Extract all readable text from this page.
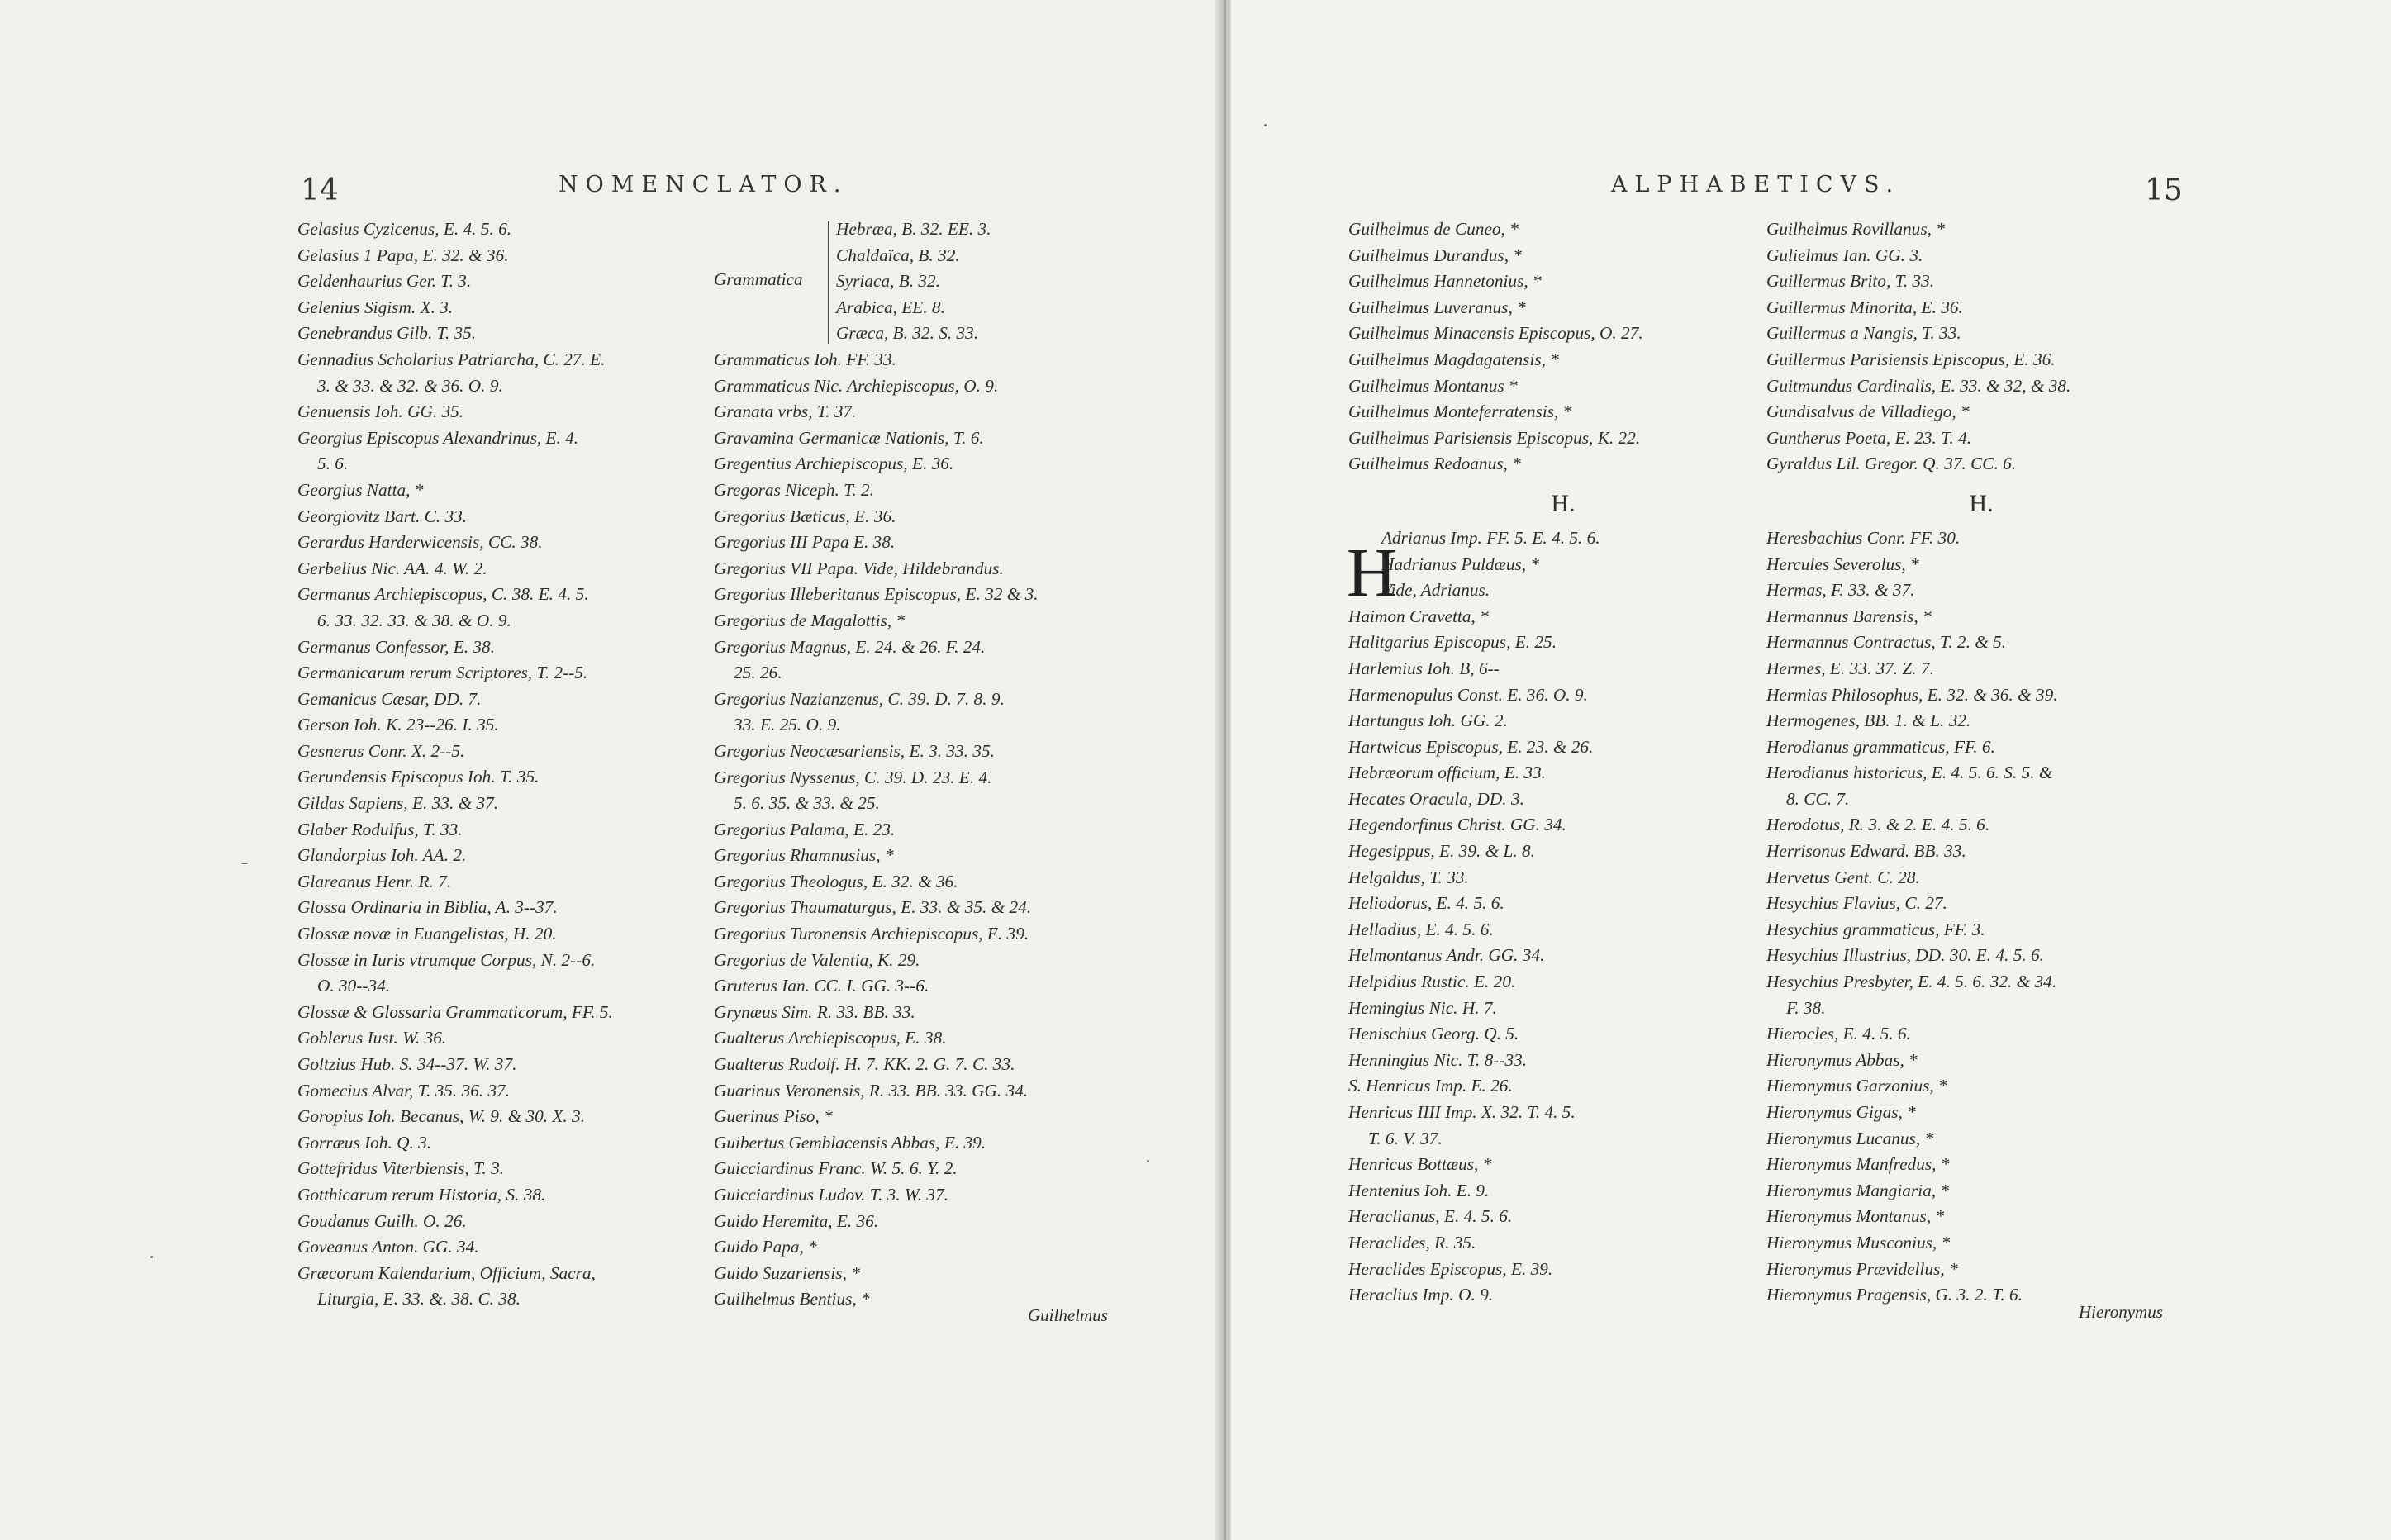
14	NOMENCLATOR.
Gelasius Cyzicenus, E. 4. 5. 6.
Gelasius 1 Papa, E. 32. & 36.
Geldenhaurius Ger. T. 3.
Gelenius Sigism. X. 3.
Genebrandus Gilb. T. 35.
Gennadius Scholarius Patriarcha, C. 27. E.
3. & 33. & 32. & 36. O. 9.
Genuensis Ioh. GG. 35.
Georgius Episcopus Alexandrinus, E. 4.
5. 6.
Georgius Natta, *
Georgiovitz Bart. C. 33.
Gerardus Harderwicensis, CC. 38.
Gerbelius Nic. AA. 4. W. 2.
Germanus Archiepiscopus, C. 38. E. 4. 5.
6. 33. 32. 33. & 38. & O. 9.
Germanus Confessor, E. 38.
Germanicarum rerum Scriptores, T. 2--5.
Gemanicus Cæsar, DD. 7.
Gerson Ioh. K. 23--26. I. 35.
Gesnerus Conr. X. 2--5.
Gerundensis Episcopus Ioh. T. 35.
Gildas Sapiens, E. 33. & 37.
Glaber Rodulfus, T. 33.
Glandorpius Ioh. AA. 2.
Glareanus Henr. R. 7.
Glossa Ordinaria in Biblia, A. 3--37.
Glossæ novæ in Euangelistas, H. 20.
Glossæ in Iuris vtrumque Corpus, N. 2--6.
O. 30--34.
Glossæ & Glossaria Grammaticorum, FF. 5.
Goblerus Iust. W. 36.
Goltzius Hub. S. 34--37. W. 37.
Gomecius Alvar, T. 35. 36. 37.
Goropius Ioh. Becanus, W. 9. & 30. X. 3.
Gorræus Ioh. Q. 3.
Gottefridus Viterbiensis, T. 3.
Gotthicarum rerum Historia, S. 38.
Goudanus Guilh. O. 26.
Goveanus Anton. GG. 34.
Græcorum Kalendarium, Officium, Sacra,
Liturgia, E. 33. &. 38. C. 38.
Grammatica
Hebræa, B. 32. EE. 3.
Chaldaïca, B. 32.
Syriaca, B. 32.
Arabica, EE. 8.
Græca, B. 32. S. 33.
Grammaticus Ioh. FF. 33.
Grammaticus Nic. Archiepiscopus, O. 9.
Granata vrbs, T. 37.
Gravamina Germanicæ Nationis, T. 6.
Gregentius Archiepiscopus, E. 36.
Gregoras Niceph. T. 2.
Gregorius Bæticus, E. 36.
Gregorius III Papa E. 38.
Gregorius VII Papa. Vide, Hildebrandus.
Gregorius Illeberitanus Episcopus, E. 32 & 3.
Gregorius de Magalottis, *
Gregorius Magnus, E. 24. & 26. F. 24.
25. 26.
Gregorius Nazianzenus, C. 39. D. 7. 8. 9.
33. E. 25. O. 9.
Gregorius Neocæsariensis, E. 3. 33. 35.
Gregorius Nyssenus, C. 39. D. 23. E. 4.
5. 6. 35. & 33. & 25.
Gregorius Palama, E. 23.
Gregorius Rhamnusius, *
Gregorius Theologus, E. 32. & 36.
Gregorius Thaumaturgus, E. 33. & 35. & 24.
Gregorius Turonensis Archiepiscopus, E. 39.
Gregorius de Valentia, K. 29.
Gruterus Ian. CC. I. GG. 3--6.
Grynæus Sim. R. 33. BB. 33.
Gualterus Archiepiscopus, E. 38.
Gualterus Rudolf. H. 7. KK. 2. G. 7. C. 33.
Guarinus Veronensis, R. 33. BB. 33. GG. 34.
Guerinus Piso, *
Guibertus Gemblacensis Abbas, E. 39.
Guicciardinus Franc. W. 5. 6. Y. 2.
Guicciardinus Ludov. T. 3. W. 37.
Guido Heremita, E. 36.
Guido Papa, *
Guido Suzariensis, *
Guilhelmus Bentius, *
Guilhelmus
ALPHABETICVS.	15
H
Hieronymus
Guilhelmus de Cuneo, *
Guilhelmus Durandus, *
Guilhelmus Hannetonius, *
Guilhelmus Luveranus, *
Guilhelmus Minacensis Episcopus, O. 27.
Guilhelmus Magdagatensis, *
Guilhelmus Montanus *
Guilhelmus Monteferratensis, *
Guilhelmus Parisiensis Episcopus, K. 22.
Guilhelmus Redoanus, *
H.
Adrianus Imp. FF. 5. E. 4. 5. 6.
Hadrianus Puldæus, *
Vide, Adrianus.
Haimon Cravetta, *
Halitgarius Episcopus, E. 25.
Harlemius Ioh. B, 6--
Harmenopulus Const. E. 36. O. 9.
Hartungus Ioh. GG. 2.
Hartwicus Episcopus, E. 23. & 26.
Hebræorum officium, E. 33.
Hecates Oracula, DD. 3.
Hegendorfinus Christ. GG. 34.
Hegesippus, E. 39. & L. 8.
Helgaldus, T. 33.
Heliodorus, E. 4. 5. 6.
Helladius, E. 4. 5. 6.
Helmontanus Andr. GG. 34.
Helpidius Rustic. E. 20.
Hemingius Nic. H. 7.
Henischius Georg. Q. 5.
Henningius Nic. T. 8--33.
S. Henricus Imp. E. 26.
Henricus IIII Imp. X. 32. T. 4. 5.
T. 6. V. 37.
Henricus Bottæus, *
Hentenius Ioh. E. 9.
Heraclianus, E. 4. 5. 6.
Heraclides, R. 35.
Heraclides Episcopus, E. 39.
Heraclius Imp. O. 9.
Guilhelmus Rovillanus, *
Gulielmus Ian. GG. 3.
Guillermus Brito, T. 33.
Guillermus Minorita, E. 36.
Guillermus a Nangis, T. 33.
Guillermus Parisiensis Episcopus, E. 36.
Guitmundus Cardinalis, E. 33. & 32, & 38.
Gundisalvus de Villadiego, *
Guntherus Poeta, E. 23. T. 4.
Gyraldus Lil. Gregor. Q. 37. CC. 6.
H.
Heresbachius Conr. FF. 30.
Hercules Severolus, *
Hermas, F. 33. & 37.
Hermannus Barensis, *
Hermannus Contractus, T. 2. & 5.
Hermes, E. 33. 37. Z. 7.
Hermias Philosophus, E. 32. & 36. & 39.
Hermogenes, BB. 1. & L. 32.
Herodianus grammaticus, FF. 6.
Herodianus historicus, E. 4. 5. 6. S. 5. &
8. CC. 7.
Herodotus, R. 3. & 2. E. 4. 5. 6.
Herrisonus Edward. BB. 33.
Hervetus Gent. C. 28.
Hesychius Flavius, C. 27.
Hesychius grammaticus, FF. 3.
Hesychius Illustrius, DD. 30. E. 4. 5. 6.
Hesychius Presbyter, E. 4. 5. 6. 32. & 34.
F. 38.
Hierocles, E. 4. 5. 6.
Hieronymus Abbas, *
Hieronymus Garzonius, *
Hieronymus Gigas, *
Hieronymus Lucanus, *
Hieronymus Manfredus, *
Hieronymus Mangiaria, *
Hieronymus Montanus, *
Hieronymus Musconius, *
Hieronymus Prævidellus, *
Hieronymus Pragensis, G. 3. 2. T. 6.
